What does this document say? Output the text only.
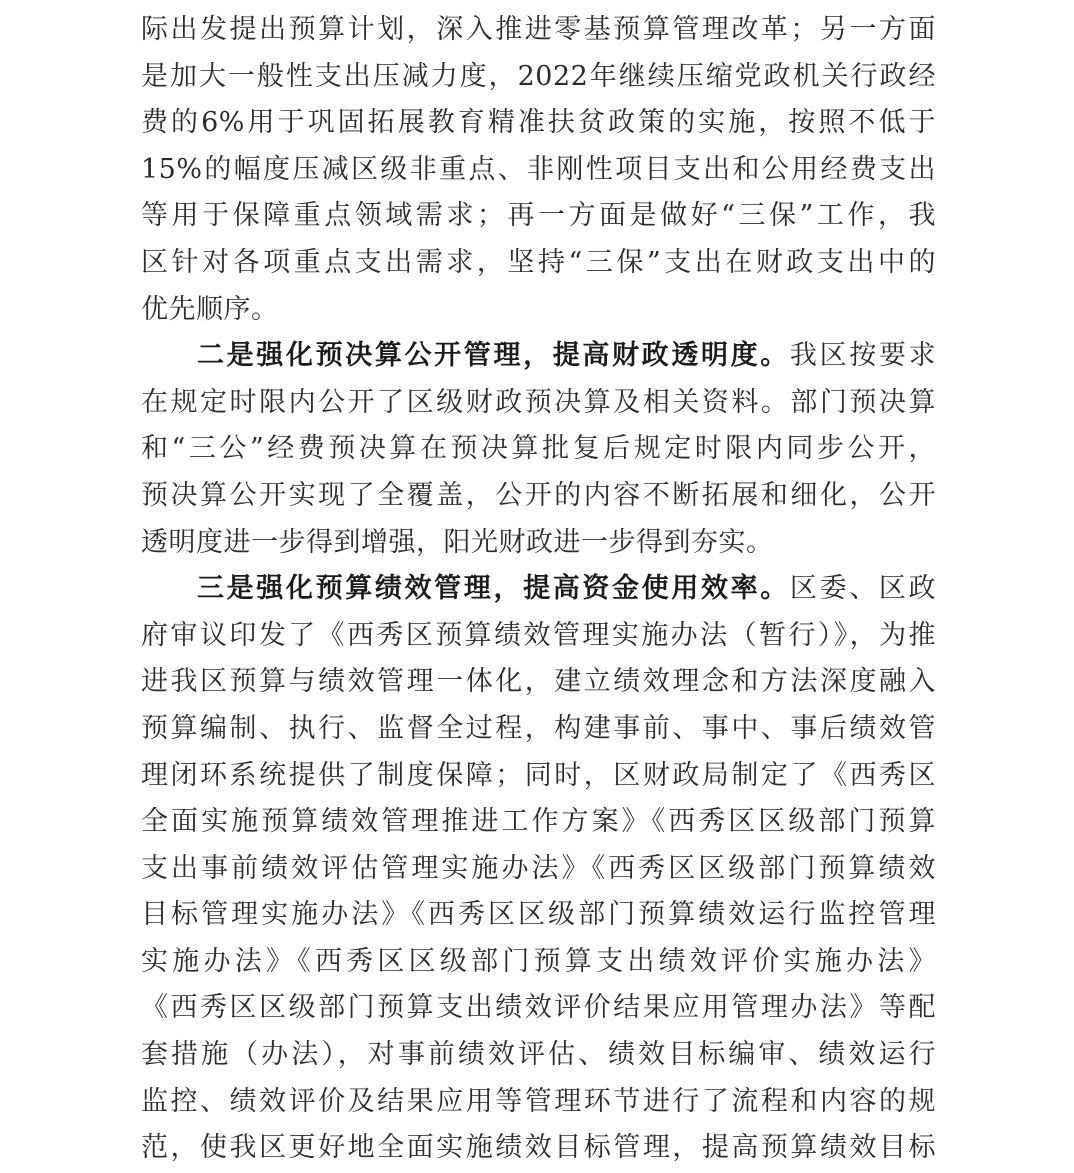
际出发提出预算计划，深入推进零基预算管理改革；另一方面
是加大一般性支出压减力度，2022年继续压缩党政机关行政经
费的6%用于巩固拓展教育精准扶贫政策的实施，按照不低于
15%的幅度压减区级非重点、非刚性项目支出和公用经费支出
等用于保障重点领域需求；再一方面是做好“三保”工作，我
区针对各项重点支出需求，坚持“三保”支出在财政支出中的
优先顺序。
二是强化预决算公开管理，提高财政透明度。我区按要求
在规定时限内公开了区级财政预决算及相关资料。部门预决算
和“三公”经费预决算在预决算批复后规定时限内同步公开，
预决算公开实现了全覆盖，公开的内容不断拓展和细化，公开
透明度进一步得到增强，阳光财政进一步得到夯实。
三是强化预算绩效管理，提高资金使用效率。区委、区政
府审议印发了《西秀区预算绩效管理实施办法（暂行）》，为推
进我区预算与绩效管理一体化，建立绩效理念和方法深度融入
预算编制、执行、监督全过程，构建事前、事中、事后绩效管
理闭环系统提供了制度保障；同时，区财政局制定了《西秀区
全面实施预算绩效管理推进工作方案》《西秀区区级部门预算
支出事前绩效评估管理实施办法》《西秀区区级部门预算绩效
目标管理实施办法》《西秀区区级部门预算绩效运行监控管理
实施办法》《西秀区区级部门预算支出绩效评价实施办法》
《西秀区区级部门预算支出绩效评价结果应用管理办法》等配
套措施（办法），对事前绩效评估、绩效目标编审、绩效运行
监控、绩效评价及结果应用等管理环节进行了流程和内容的规
范，使我区更好地全面实施绩效目标管理，提高预算绩效目标
